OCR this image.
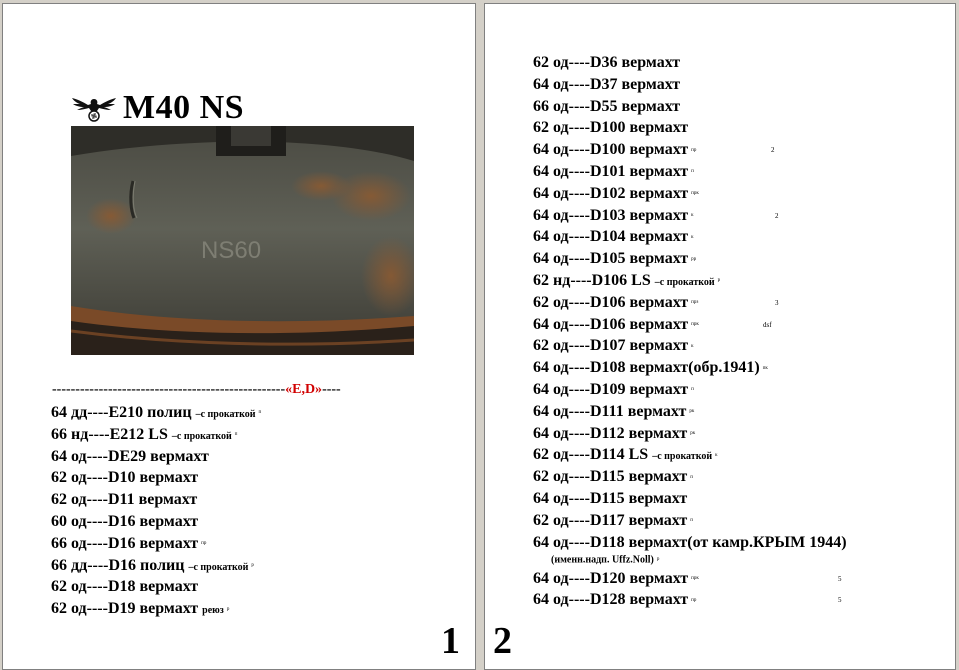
M40 NS
NS60
--------------------------------------------------«E,D»----
64 дд----E210 полиц –с прокаткой п
66 нд----E212 LS –с прокаткой п
64 од----DE29 вермахт
62 од----D10 вермахт
62 од----D11 вермахт
60 од----D16 вермахт
66 од----D16 вермахт пр
66 дд----D16 полиц –с прокаткой р
62 од----D18 вермахт
62 од----D19 вермахт реюз р
1
62 од----D36 вермахт
64 од----D37 вермахт
66 од----D55 вермахт
62 од----D100 вермахт
64 од----D100 вермахт пр	2
64 од----D101 вермахт п
64 од----D102 вермахт прк
64 од----D103 вермахт к	2
64 од----D104 вермахт к
64 од----D105 вермахт рр
62 нд----D106 LS –с прокаткой р
62 од----D106 вермахт прз	3
64 од----D106 вермахт прк	dsf
62 од----D107 вермахт к
64 од----D108 вермахт(обр.1941) пк
64 од----D109 вермахт п
64 од----D111 вермахт рк
64 од----D112 вермахт рк
62 од----D114 LS –с прокаткой к
62 од----D115 вермахт п
64 од----D115 вермахт
62 од----D117 вермахт п
64 од----D118 вермахт(от камр.КРЫМ 1944)
(именн.надп. Uffz.Noll) р
64 од----D120 вермахт прк	5
64 од----D128 вермахт пр	5
2
